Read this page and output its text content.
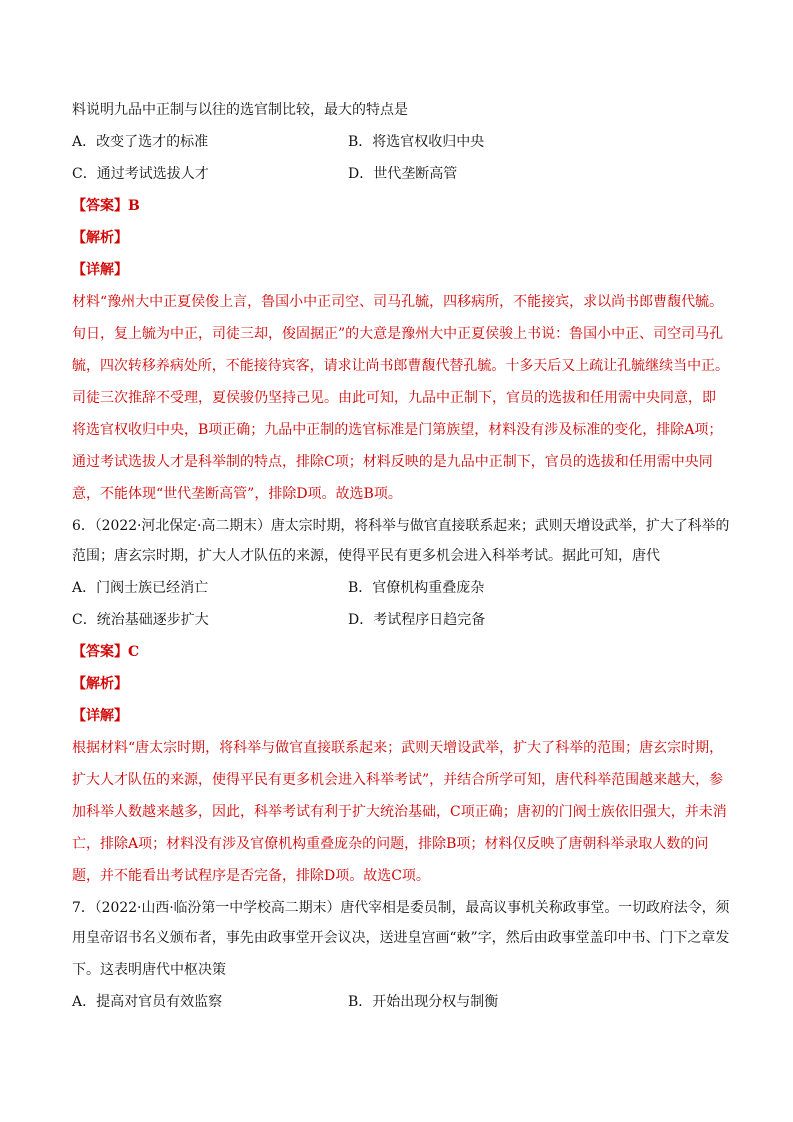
料说明九品中正制与以往的选官制比较，最大的特点是
A．改变了选才的标准	B．将选官权收归中央
C．通过考试选拔人才	D．世代垄断高管
【答案】B
【解析】
【详解】
材料“豫州大中正夏侯俊上言，鲁国小中正司空、司马孔毓，四移病所，不能接宾，求以尚书郎曹馥代毓。
旬日，复上毓为中正，司徒三却，俊固据正”的大意是豫州大中正夏侯骏上书说：鲁国小中正、司空司马孔
毓，四次转移养病处所，不能接待宾客，请求让尚书郎曹馥代替孔毓。十多天后又上疏让孔毓继续当中正。
司徒三次推辞不受理，夏侯骏仍坚持己见。由此可知，九品中正制下，官员的选拔和任用需中央同意，即
将选官权收归中央，B项正确；九品中正制的选官标准是门第族望，材料没有涉及标准的变化，排除A项；
通过考试选拔人才是科举制的特点，排除C项；材料反映的是九品中正制下，官员的选拔和任用需中央同
意，不能体现“世代垄断高管”，排除D项。故选B项。
6．（2022·河北保定·高二期末）唐太宗时期，将科举与做官直接联系起来；武则天增设武举，扩大了科举的
范围；唐玄宗时期，扩大人才队伍的来源，使得平民有更多机会进入科举考试。据此可知，唐代
A．门阀士族已经消亡	B．官僚机构重叠庞杂
C．统治基础逐步扩大	D．考试程序日趋完备
【答案】C
【解析】
【详解】
根据材料“唐太宗时期，将科举与做官直接联系起来；武则天增设武举，扩大了科举的范围；唐玄宗时期，
扩大人才队伍的来源，使得平民有更多机会进入科举考试”，并结合所学可知，唐代科举范围越来越大，参
加科举人数越来越多，因此，科举考试有利于扩大统治基础，C项正确；唐初的门阀士族依旧强大，并未消
亡，排除A项；材料没有涉及官僚机构重叠庞杂的问题，排除B项；材料仅反映了唐朝科举录取人数的问
题，并不能看出考试程序是否完备，排除D项。故选C项。
7．（2022·山西·临汾第一中学校高二期末）唐代宰相是委员制，最高议事机关称政事堂。一切政府法令，须
用皇帝诏书名义颁布者，事先由政事堂开会议决，送进皇宫画“敕”字，然后由政事堂盖印中书、门下之章发
下。这表明唐代中枢决策
A．提高对官员有效监察	B．开始出现分权与制衡
